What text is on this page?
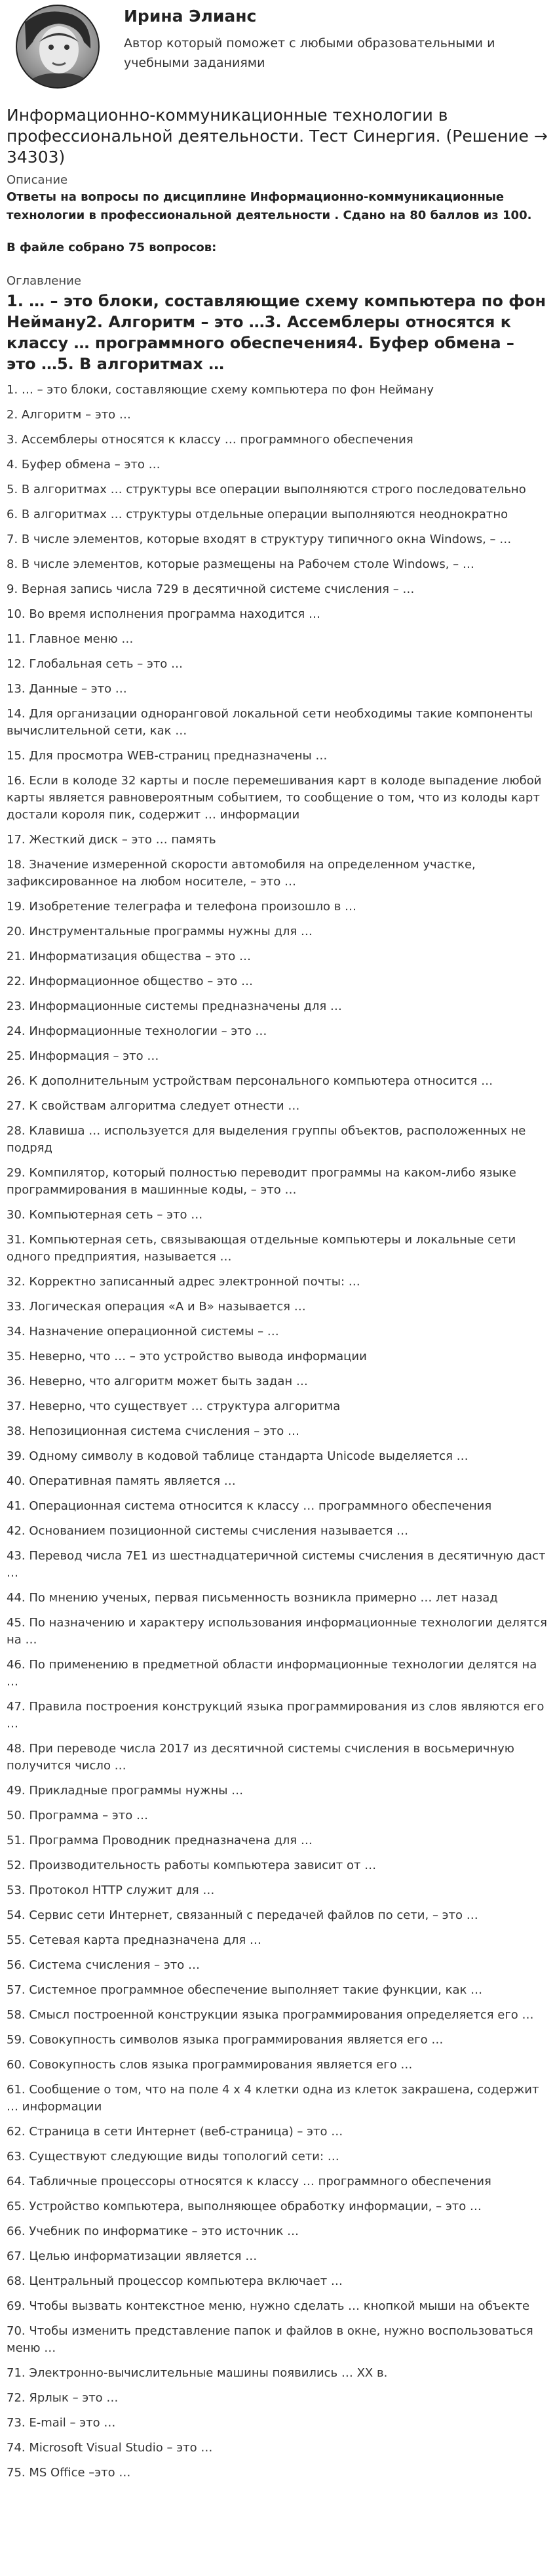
Ирина Элианс
Автор который поможет с любыми образовательными и учебными заданиями
Информационно-коммуникационные технологии в профессиональной деятельности. Тест Синергия. (Решение → 34303)
Описание
Ответы на вопросы по дисциплине Информационно-коммуникационные технологии в профессиональной деятельности . Сдано на 80 баллов из 100.
В файле собрано 75 вопросов:
Оглавление
1. … – это блоки, составляющие схему компьютера по фон Нейману2. Алгоритм – это …3. Ассемблеры относятся к классу … программного обеспечения4. Буфер обмена – это …5. В алгоритмах …
1. … – это блоки, составляющие схему компьютера по фон Нейману
2. Алгоритм – это …
3. Ассемблеры относятся к классу … программного обеспечения
4. Буфер обмена – это …
5. В алгоритмах … структуры все операции выполняются строго последовательно
6. В алгоритмах … структуры отдельные операции выполняются неоднократно
7. В числе элементов, которые входят в структуру типичного окна Windows, – …
8. В числе элементов, которые размещены на Рабочем столе Windows, – …
9. Верная запись числа 729 в десятичной системе счисления – …
10. Во время исполнения программа находится …
11. Главное меню …
12. Глобальная сеть – это …
13. Данные – это …
14. Для организации одноранговой локальной сети необходимы такие компоненты вычислительной сети, как …
15. Для просмотра WEB-страниц предназначены …
16. Если в колоде 32 карты и после перемешивания карт в колоде выпадение любой карты является равновероятным событием, то сообщение о том, что из колоды карт достали короля пик, содержит … информации
17. Жесткий диск – это … память
18. Значение измеренной скорости автомобиля на определенном участке, зафиксированное на любом носителе, – это …
19. Изобретение телеграфа и телефона произошло в …
20. Инструментальные программы нужны для …
21. Информатизация общества – это …
22. Информационное общество – это …
23. Информационные системы предназначены для …
24. Информационные технологии – это …
25. Информация – это …
26. К дополнительным устройствам персонального компьютера относится …
27. К свойствам алгоритма следует отнести …
28. Клавиша … используется для выделения группы объектов, расположенных не подряд
29. Компилятор, который полностью переводит программы на каком-либо языке программирования в машинные коды, – это …
30. Компьютерная сеть – это …
31. Компьютерная сеть, связывающая отдельные компьютеры и локальные сети одного предприятия, называется …
32. Корректно записанный адрес электронной почты: …
33. Логическая операция «А и В» называется …
34. Назначение операционной системы – …
35. Неверно, что … – это устройство вывода информации
36. Неверно, что алгоритм может быть задан …
37. Неверно, что существует … структура алгоритма
38. Непозиционная система счисления – это …
39. Одному символу в кодовой таблице стандарта Unicode выделяется …
40. Оперативная память является …
41. Операционная система относится к классу … программного обеспечения
42. Основанием позиционной системы счисления называется …
43. Перевод числа 7E1 из шестнадцатеричной системы счисления в десятичную даст …
44. По мнению ученых, первая письменность возникла примерно … лет назад
45. По назначению и характеру использования информационные технологии делятся на …
46. По применению в предметной области информационные технологии делятся на …
47. Правила построения конструкций языка программирования из слов являются его …
48. При переводе числа 2017 из десятичной системы счисления в восьмеричную получится число …
49. Прикладные программы нужны …
50. Программа – это …
51. Программа Проводник предназначена для …
52. Производительность работы компьютера зависит от …
53. Протокол HTTP служит для …
54. Сервис сети Интернет, связанный с передачей файлов по сети, – это …
55. Сетевая карта предназначена для …
56. Система счисления – это …
57. Системное программное обеспечение выполняет такие функции, как …
58. Смысл построенной конструкции языка программирования определяется его …
59. Совокупность символов языка программирования является его …
60. Совокупность слов языка программирования является его …
61. Сообщение о том, что на поле 4 х 4 клетки одна из клеток закрашена, содержит … информации
62. Страница в сети Интернет (веб-страница) – это …
63. Существуют следующие виды топологий сети: …
64. Табличные процессоры относятся к классу … программного обеспечения
65. Устройство компьютера, выполняющее обработку информации, – это …
66. Учебник по информатике – это источник …
67. Целью информатизации является …
68. Центральный процессор компьютера включает …
69. Чтобы вызвать контекстное меню, нужно сделать … кнопкой мыши на объекте
70. Чтобы изменить представление папок и файлов в окне, нужно воспользоваться меню …
71. Электронно-вычислительные машины появились … XX в.
72. Ярлык – это …
73. E-mail – это …
74. Microsoft Visual Studio – это …
75. MS Office –это …
